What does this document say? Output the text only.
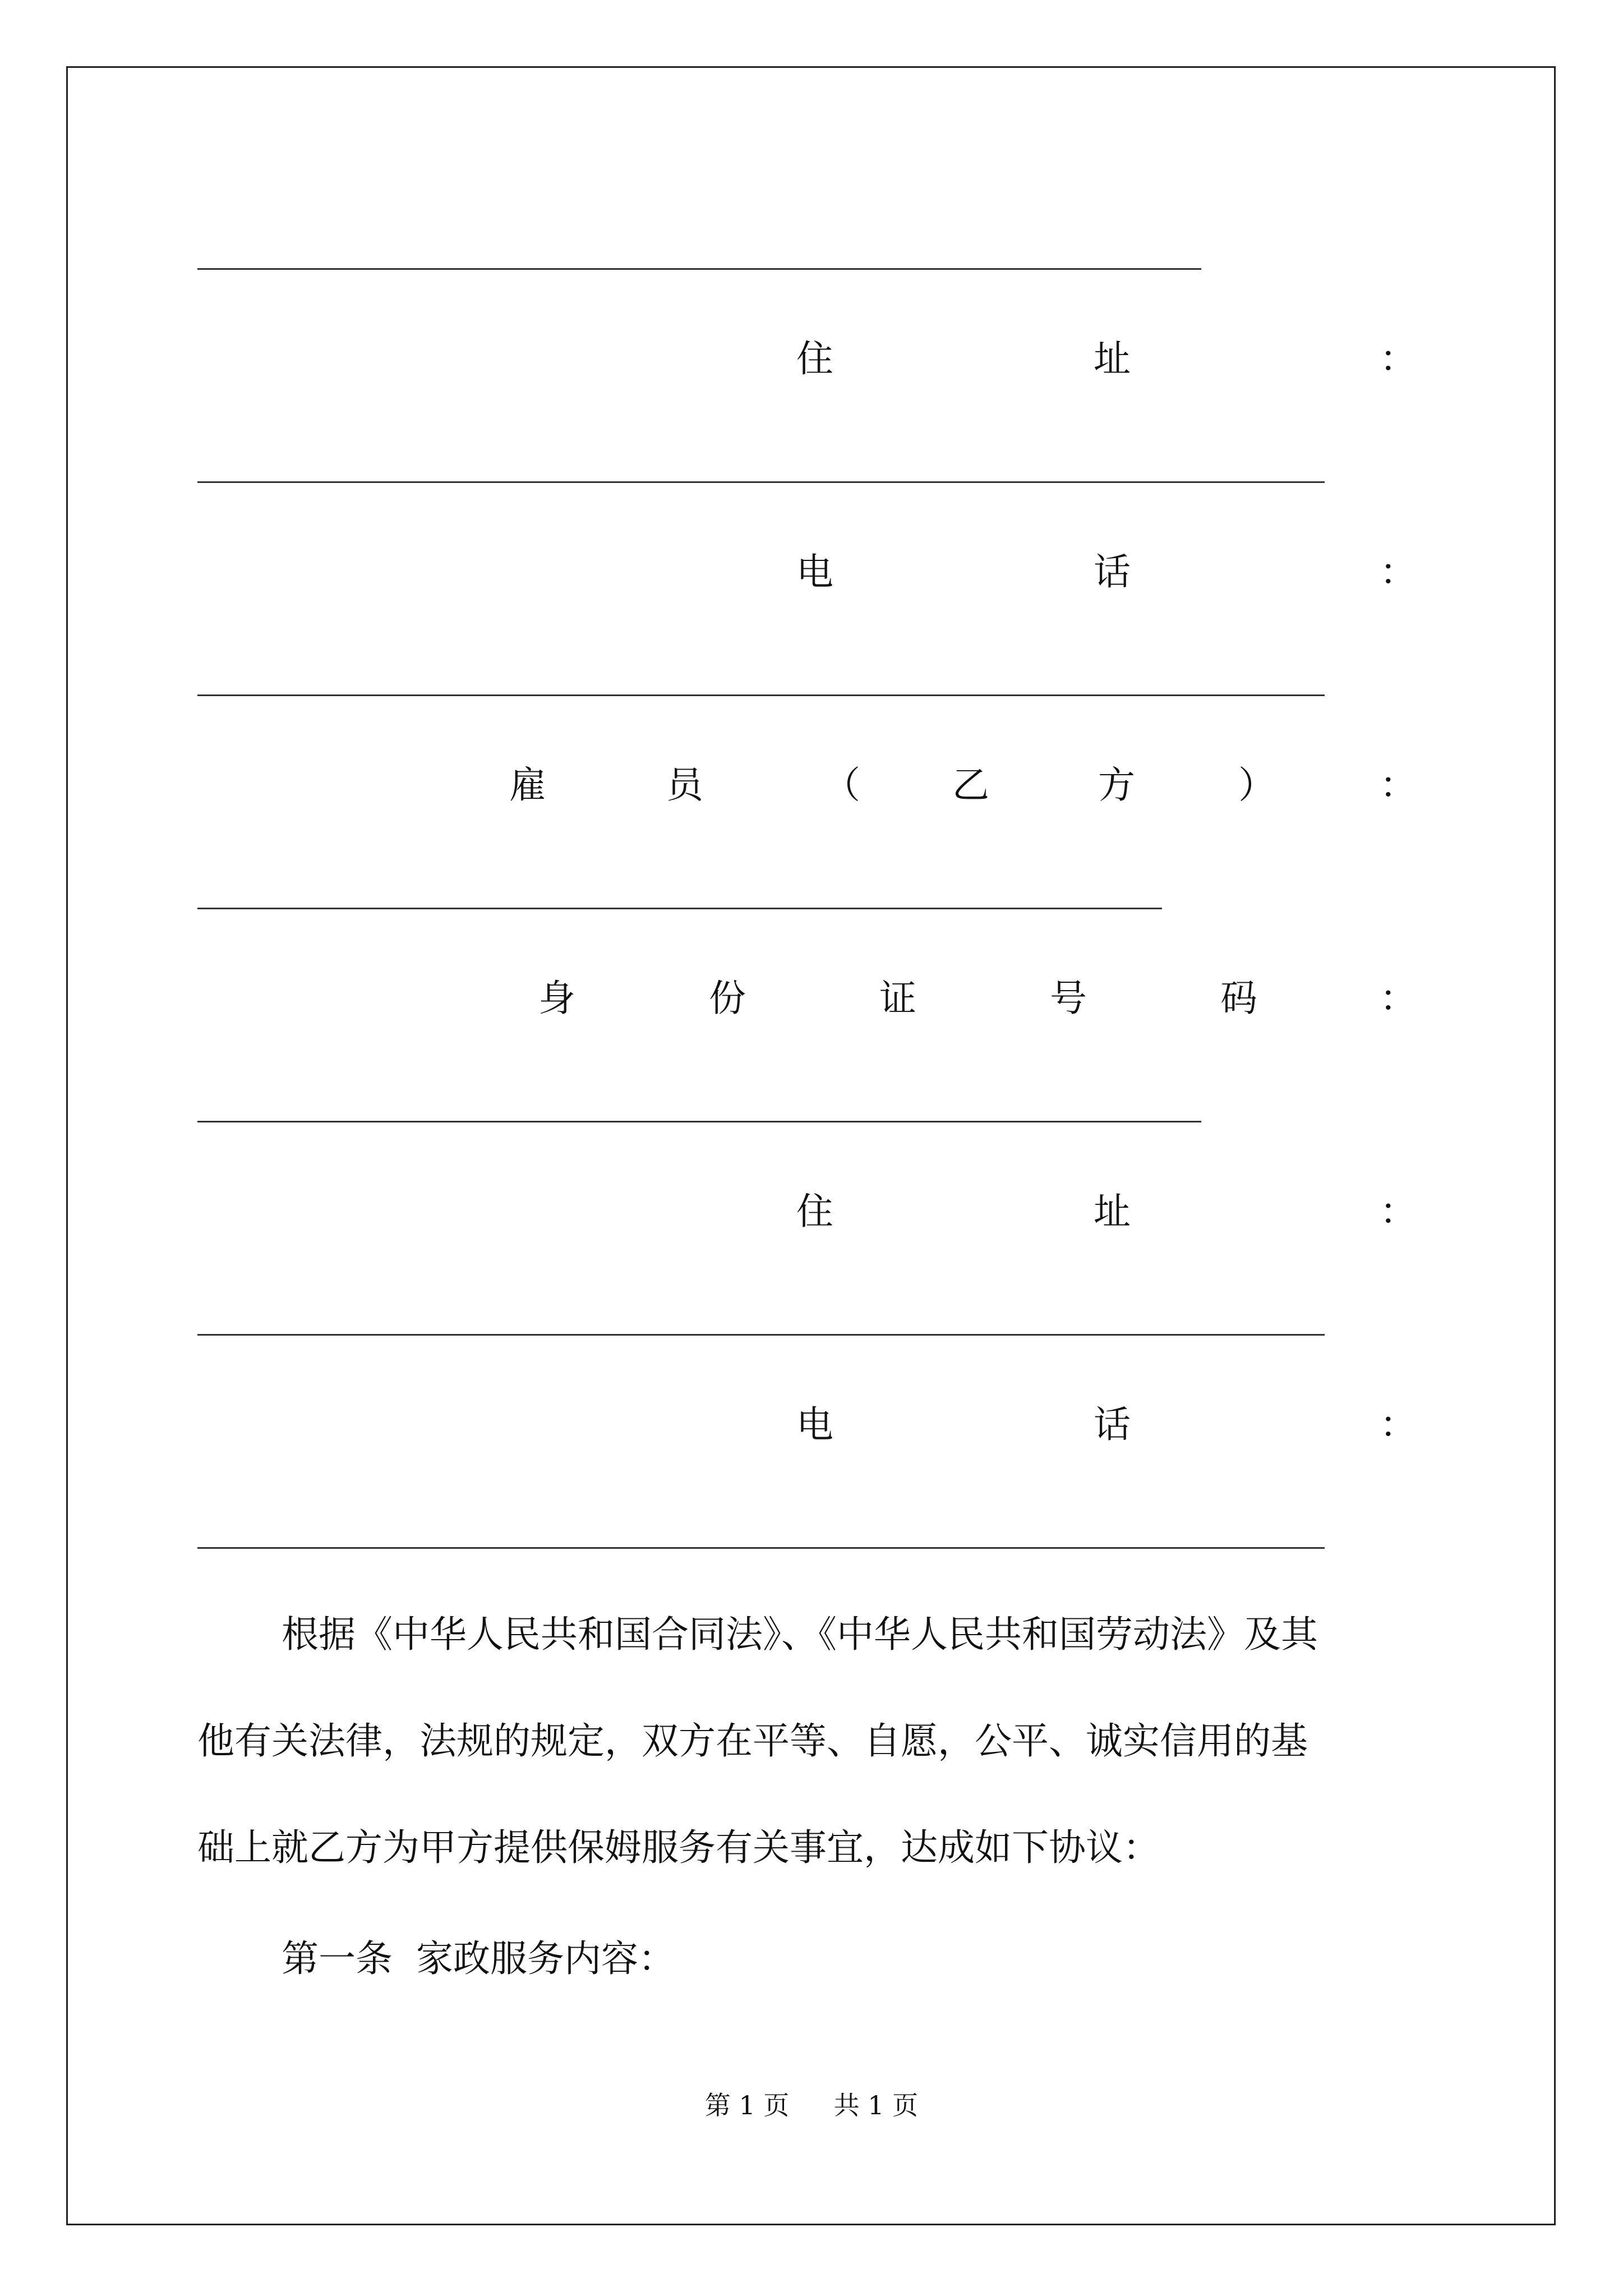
住	址	：
电	话	：
雇	员	（ 乙	方	）	：
身	份	证	号	码	：
住	址	：
电	话	：
根据《中华人民共和国合同法》、《中华人民共和国劳动法》及其
他有关法律，法规的规定，双方在平等、自愿，公平、诚实信用的基
础上就乙方为甲方提供保姆服务有关事宜，达成如下协议：
第一条  家政服务内容：
第 1 页 共 1 页
